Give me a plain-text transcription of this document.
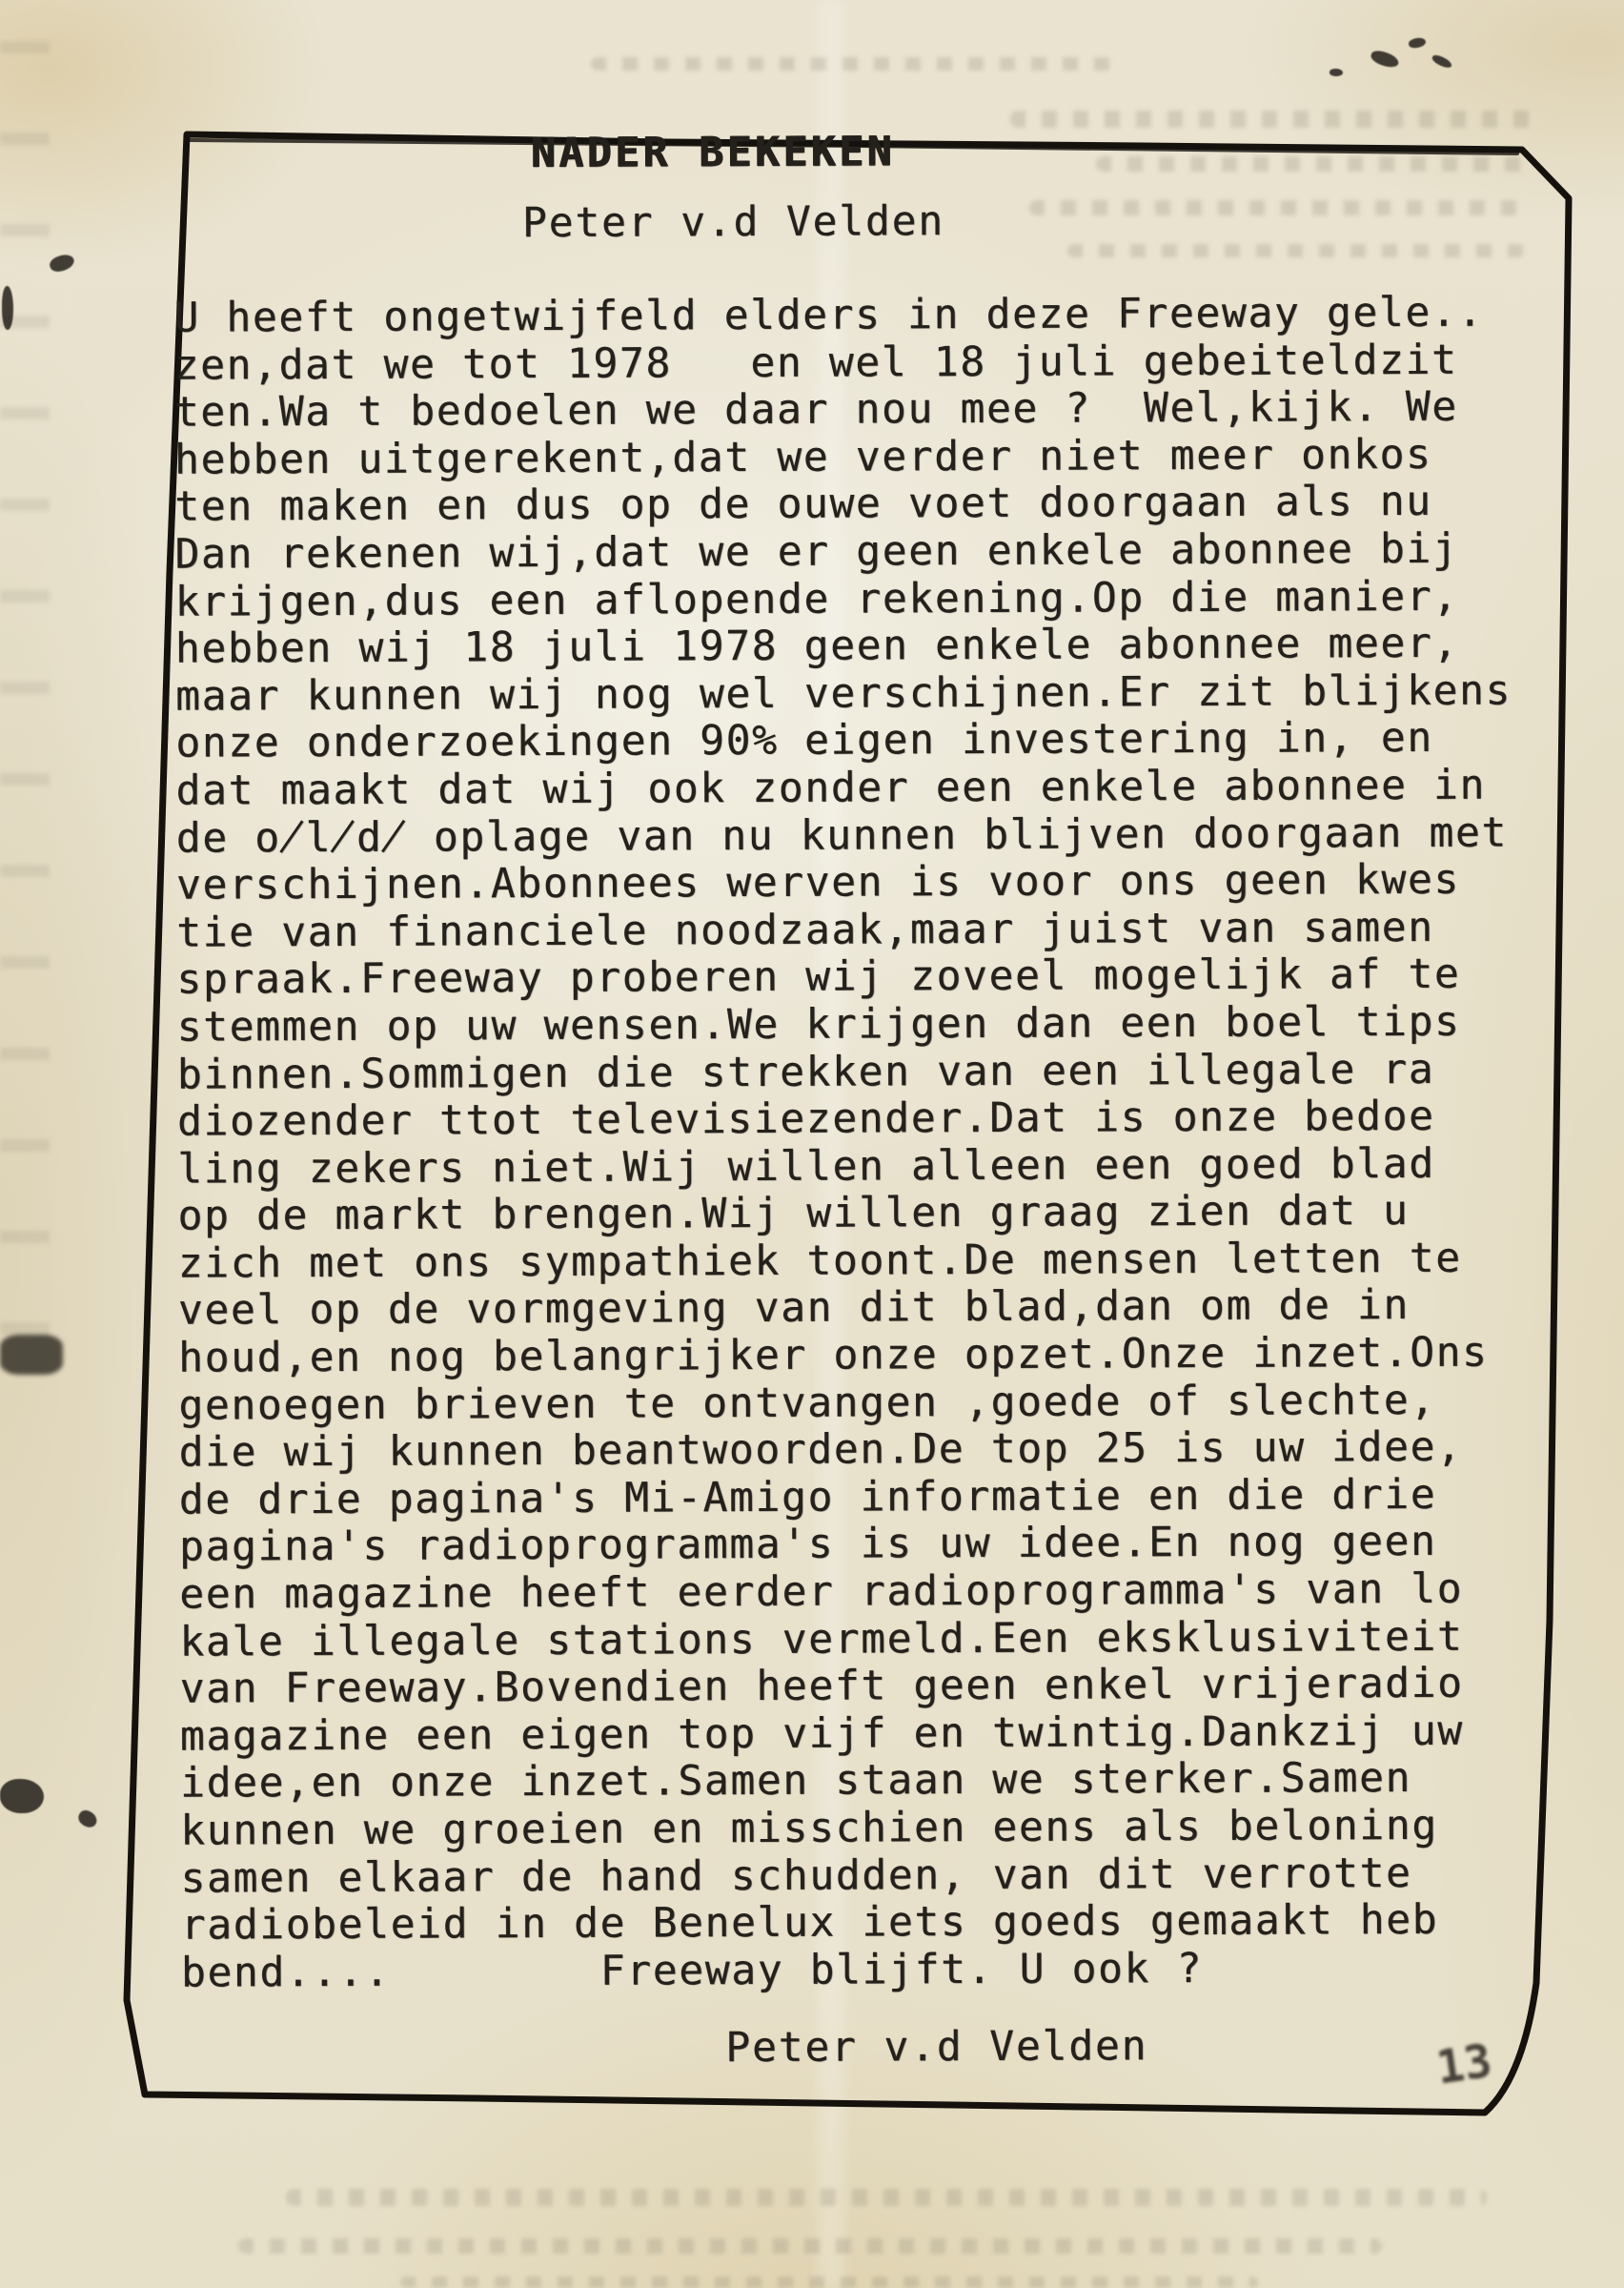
NADER BEKEKEN
Peter v.d Velden
U heeft ongetwijfeld elders in deze Freeway gele..
zen,dat we tot 1978   en wel 18 juli gebeiteldzit
ten.Wa t bedoelen we daar nou mee ?  Wel,kijk. We
hebben uitgerekent,dat we verder niet meer onkos
ten maken en dus op de ouwe voet doorgaan als nu
Dan rekenen wij,dat we er geen enkele abonnee bij
krijgen,dus een aflopende rekening.Op die manier,
hebben wij 18 juli 1978 geen enkele abonnee meer,
maar kunnen wij nog wel verschijnen.Er zit blijkens
onze onderzoekingen 90% eigen investering in, en
dat maakt dat wij ook zonder een enkele abonnee in
de o̸l̸d̸ oplage van nu kunnen blijven doorgaan met
verschijnen.Abonnees werven is voor ons geen kwes
tie van financiele noodzaak,maar juist van samen
spraak.Freeway proberen wij zoveel mogelijk af te
stemmen op uw wensen.We krijgen dan een boel tips
binnen.Sommigen die strekken van een illegale ra
diozender ttot televisiezender.Dat is onze bedoe
ling zekers niet.Wij willen alleen een goed blad
op de markt brengen.Wij willen graag zien dat u
zich met ons sympathiek toont.De mensen letten te
veel op de vormgeving van dit blad,dan om de in
houd,en nog belangrijker onze opzet.Onze inzet.Ons
genoegen brieven te ontvangen ,goede of slechte,
die wij kunnen beantwoorden.De top 25 is uw idee,
de drie pagina's Mi-Amigo informatie en die drie
pagina's radioprogramma's is uw idee.En nog geen
een magazine heeft eerder radioprogramma's van lo
kale illegale stations vermeld.Een eksklusiviteit
van Freeway.Bovendien heeft geen enkel vrijeradio
magazine een eigen top vijf en twintig.Dankzij uw
idee,en onze inzet.Samen staan we sterker.Samen
kunnen we groeien en misschien eens als beloning
samen elkaar de hand schudden, van dit verrotte
radiobeleid in de Benelux iets goeds gemaakt heb
bend....        Freeway blijft. U ook ?
Peter v.d Velden	13
